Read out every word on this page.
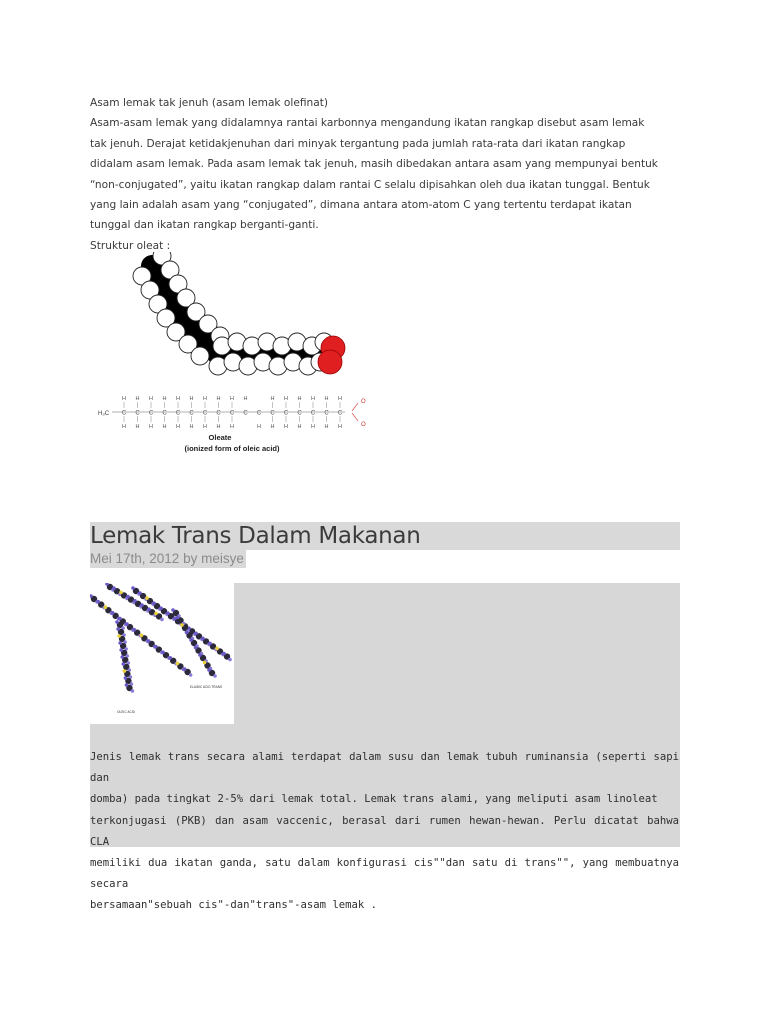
Asam lemak tak jenuh (asam lemak olefinat)

Asam-asam lemak yang didalamnya rantai karbonnya mengandung ikatan rangkap disebut asam lemak

tak jenuh. Derajat ketidakjenuhan dari minyak tergantung pada jumlah rata-rata dari ikatan rangkap

didalam asam lemak. Pada asam lemak tak jenuh, masih dibedakan antara asam yang mempunyai bentuk

“non-conjugated”, yaitu ikatan rangkap dalam rantai C selalu dipisahkan oleh dua ikatan tunggal. Bentuk

yang lain adalah asam yang “conjugated”, dimana antara atom-atom C yang tertentu terdapat ikatan

tunggal dan ikatan rangkap berganti-ganti.

Struktur oleat :

H₃C C
H
H
C
H
H
C
H
H
C
H
H
C
H
H
C
H
H
C
H
H
C
H
H
C
H
H
C
H
C
H
C
H
H
C
H
H
C
H
H
C
H
H
C
H
H
C
H
H
O
O
Oleate
(ionized form of oleic acid)
Lemak Trans Dalam Makanan
Mei 17th, 2012 by meisye
OLEIC ACID
ELAIDIC ACID TRANS

Jenis lemak trans secara alami terdapat dalam susu dan lemak tubuh ruminansia (seperti sapi dan

domba) pada tingkat 2-5% dari lemak total. Lemak trans alami, yang meliputi asam linoleat

terkonjugasi (PKB) dan asam vaccenic, berasal dari rumen hewan-hewan. Perlu dicatat bahwa CLA

memiliki dua ikatan ganda, satu dalam konfigurasi cis""dan satu di trans"", yang membuatnya secara

bersamaan"sebuah cis"-dan"trans"-asam lemak .
